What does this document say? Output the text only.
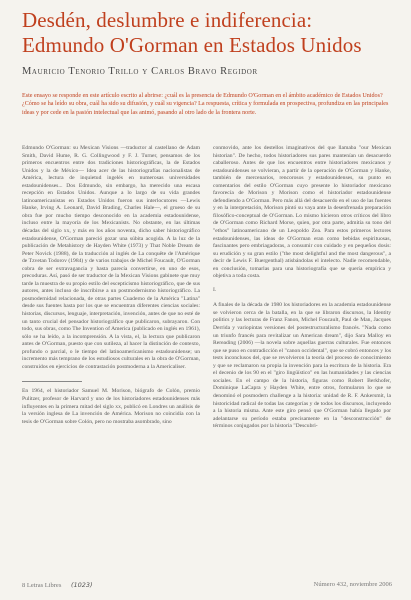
Desdén, deslumbre e indiferencia:
Edmundo O'Gorman en Estados Unidos
Mauricio Tenorio Trillo y Carlos Bravo Regidor
Este ensayo se responde en este artículo escrito al abrirse: ¿cuál es la presencia de Edmundo O'Gorman en el ámbito académico de Estados Unidos? ¿Cómo se ha leído su obra, cuál ha sido su difusión, y cuál su vigencia? La respuesta, crítica y formulada en prospectiva, profundiza en las principales ideas y por cede en la pasión intelectual que las animó, pasando al otro lado de la frontera norte.

Edmundo O'Gorman: su Mexican Visions —traductor al castellano de Adam Smith, David Hume, R. G. Collingwood y F. J. Turner, pensamos de los primeros encuentros entre dos tradiciones historiográficas, la de Estados Unidos y la de México— Idea acer de las historiografías nacionalistas de América, lectura de inquietud ingelés en numerosas universidades estadounidenses... Dos Edmundo, sin embargo, ha merecido una escasa recepción en Estados Unidos. Aunque a lo largo de su vida grandes latinoamericanistas en Estados Unidos fueron sus interlocutores —Lewis Hanke, Irving A. Leonard, David Brading, Charles Hale—, el grueso de su obra fue por mucho tiempo desconocido en la academia estadounidense, incluso entre la mayoría de los Mexicanists. No obstante, en las últimas décadas del siglo xx, y más en los años noventa, dicho saber historiográfico estadounidense, O'Gorman pareció gozar una súbita acogida. A la luz de la publicación de Metahistory de Hayden White (1973) y That Noble Dream de Peter Novick (1988), de la traducción al inglés de La conquête de l'Amérique de Tzvetan Todorov (1984) y de varios trabajos de Michel Foucault, O'Gorman cobra de ser extravagancia y hasta parecía convertirse, en uno de esos, precoduras. Así, pasó de ser traductor de la Mexican Visions gabinete que muy tarde la muestra de su propio estilo del escepticismo historiográfico, que de sus autores, antes incluso de inscribirse a un postmodernismo historiográfico. La posmodernidad relacionada, de otras partes Cuaderno de la América "Latina" desde sus fuentes hasta por los que se encuentran diferentes ciencias sociales: historias, discursos, lenguaje, interpretación, invención, antes de que no esté de un tanto crucial del pensador historiográfico que publicaron, subrayaron. Con todo, sus obras, como The Invention of America (publicado en inglés en 1961), sólo se ha leído, a la incomprensión. A la vista, el, la lectura que publicaron antes de O'Gorman, puesto que con sutileza, al hacer la distinción de contexto, profundo o parcial, o le tiempo del latinoamericanismo estadounidense; un incremento más temprano de los estudiosos culturales en la obra de O'Gorman, construidos en ejercicios de contrastación postmoderna a la Americaliser.

En 1964, el historiador Samuel M. Morison, biógrafo de Colón, premio Pulitzer, profesor de Harvard y uno de los historiadores estadounidenses más influyentes en la primera mitad del siglo xx, publicó en Londres un análisis de la versión inglesa de La invención de América. Morison no coincidía con la tesis de O'Gorman sobre Colón, pero no mostraba asombrado, sino

conmovido, ante los destellos imaginativos del que llamaba "our Mexican historian". De hecho, todos historiadores sus pares mantenían un desacuerdo caballeroso. Antes de que los encuentros entre historiadores mexicanos y estadounidenses se volvieran, a partir de la operación de O'Gorman y Hanke, también de mercenarios, rencorosos y estadounidenses, su punto en comentarios del estilo O'Gorman cuyo presente lo historiador mexicano favorecía de Morison y Morison como el historiador estadounidense defendiendo a O'Gorman. Pero más allá del desacuerdo en el uso de las fuentes y en la interpretación, Morison pintó su vaya ante la desenfrenada preparación filosófico-conceptual de O'Gorman. Lo mismo hicieron otros críticos del libro de O'Gorman como Richard Morse, quien, por otra parte, admitía su tono del "ethos" latinoamericano de un Leopoldo Zea. Para estos primeros lectores estadounidenses, las ideas de O'Gorman eran como bebidas espirituosas, fascinantes pero embriagadoras, a consumir con cuidado y en pequeños dosis: su erudición y su gran estilo ("the most delightful and the most dangerous", a decir de Lewis F. Buergenthal) atisbándolas el intelecto. Nadie recomendable, en conclusión, tomarlas para una historiografía que se quería empírica y objetiva a toda costa.

I.

A finales de la década de 1980 los historiadores en la academia estadounidense se volvieron cerca de la batalla, en la que se libraron discursos, la Identity politics y las lecturas de Franz Fanon, Michel Foucault, Paul de Man, Jacques Derrida y variopintas versiones del postestructuralismo francés. "Nada como un triunfo francés para revitalizar un American dream", dijo Sara Malloy en Rereading (2006) —la novela sobre aquellas guerras culturales. Fue entonces que se puso en contradicción el "canon occidental", que se cobró entonces y los tests inconclusos del, que se revolvieron la teoría del proceso de conocimiento y que se reclamaron su propia la invención para la escritura de la historia. Era el decenio de los 90 en el "giro lingüístico" en las humanidades y las ciencias sociales. En el campo de la historia, figuras como Robert Berkhofer, Dominique LaCapra y Hayden White, entre otros, formularon lo que se denominó el posmodern challenge a la historia: unidad de R. F. Ankersmit, la historicidad radical de todas las categorías y de todos los discursos, incluyendo a la historia misma. Ante este giro pensó que O'Gorman había llegado por adelantarse su período estaba precisamente en la "desconstrucción" de términos conjugados por la historia "Descubri-

8 Letras Libres (1023)	Número 432, noviembre 2006
